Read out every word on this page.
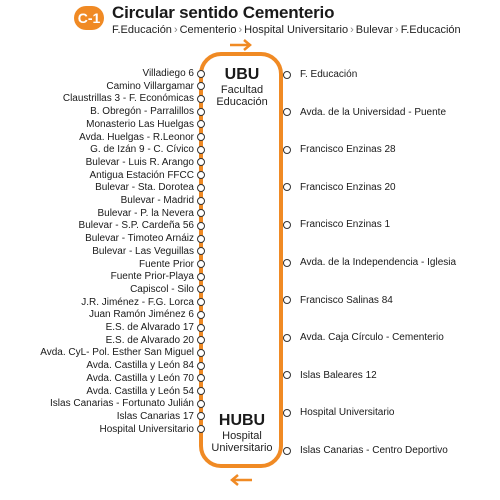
C-1 Circular sentido Cementerio
F.Educación › Cementerio › Hospital Universitario › Bulevar › F.Educación
UBU
Facultad
Educación
HUBU
Hospital
Universitario
Villadiego 6
Camino Villargamar
Claustrillas 3 - F. Económicas
B. Obregón - Parralillos
Monasterio Las Huelgas
Avda. Huelgas - R.Leonor
G. de Izán 9 - C. Cívico
Bulevar - Luis R. Arango
Antigua Estación FFCC
Bulevar - Sta. Dorotea
Bulevar - Madrid
Bulevar - P. la Nevera
Bulevar - S.P. Cardeña 56
Bulevar - Timoteo Arnáiz
Bulevar - Las Veguillas
Fuente Prior
Fuente Prior-Playa
Capiscol - Silo
J.R. Jiménez - F.G. Lorca
Juan Ramón Jiménez 6
E.S. de Alvarado 17
E.S. de Alvarado 20
Avda. CyL- Pol. Esther San Miguel
Avda. Castilla y León 84
Avda. Castilla y León 70
Avda. Castilla y León 54
Islas Canarias - Fortunato Julián
Islas Canarias 17
Hospital Universitario
F. Educación
Avda. de la Universidad - Puente
Francisco Enzinas 28
Francisco Enzinas 20
Francisco Enzinas 1
Avda. de la Independencia - Iglesia
Francisco Salinas 84
Avda. Caja Círculo - Cementerio
Islas Baleares 12
Hospital Universitario
Islas Canarias - Centro Deportivo
